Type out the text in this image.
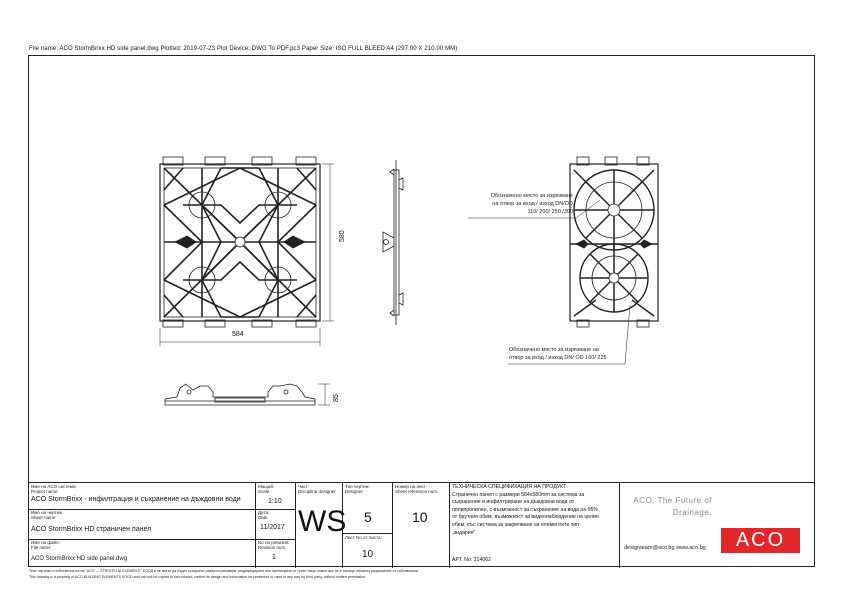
File name: ACO StormBrixx HD side panel.dwg Plotted: 2019-07-23 Plot Device: DWG To PDF.pc3 Paper Size: ISO FULL BLEED A4 (297.00 X 210.00 MM)
580
584
85
Обозначено място за изрязване
на отвор за вход / изход DN/OD
110/ 200/ 250 /300
Обозначено място за изрязване на
отвор за вход / изход DN/ OD 160/ 225
Име на ACO система:
Project name
ACO StormBrixx - инфилтрация и съхранение на дъждовни води
Име на чертеж:
Sheet name
ACO StormBrixx HD страничен панел
Име на файл:
File name
ACO StormBrixx HD side panel.dwg
Мащаб:
Scale
1:10
Дата:
Date
11/2017
No на ревизия:
Revision num.
1
Част:
Discipline designer
WS
Тип чертеж:
Designer
5
Лист No от листа:
10
Номер на лист:
Sheet reference num.
10
ТЕХНИЧЕСКА СПЕЦИФИКАЦИЯ НА ПРОДУКТ:
Страничен панел с размери 584х580mm за система за
съхранение и инфилтриране на дъждовни води от
полипропилен, с възможност за съхранение на вода на 95%
от брутния обем, възможност за видеонаблюдение на целия
обем, със система за закрепване на елементите тип
„зидария".
АРТ. No: 314062
ACO. The Future of
Drainage.
designteam@aco.bg www.aco.bg	ACO
Тези чертежи и собствеността на "ACO — STROITELNI ELEMENTI" ЕООД и не могат да бъдат копирани, разпространявани, модифицирани или преписвани от трети лица, освен ако не е налице писмено разрешение от собственика.
This drawing is a property of ACO BUILDING ELEMENTS EOOD and can not be copied or reproduced, neither its design and information be presented or used in any way by third party, without written permission.
